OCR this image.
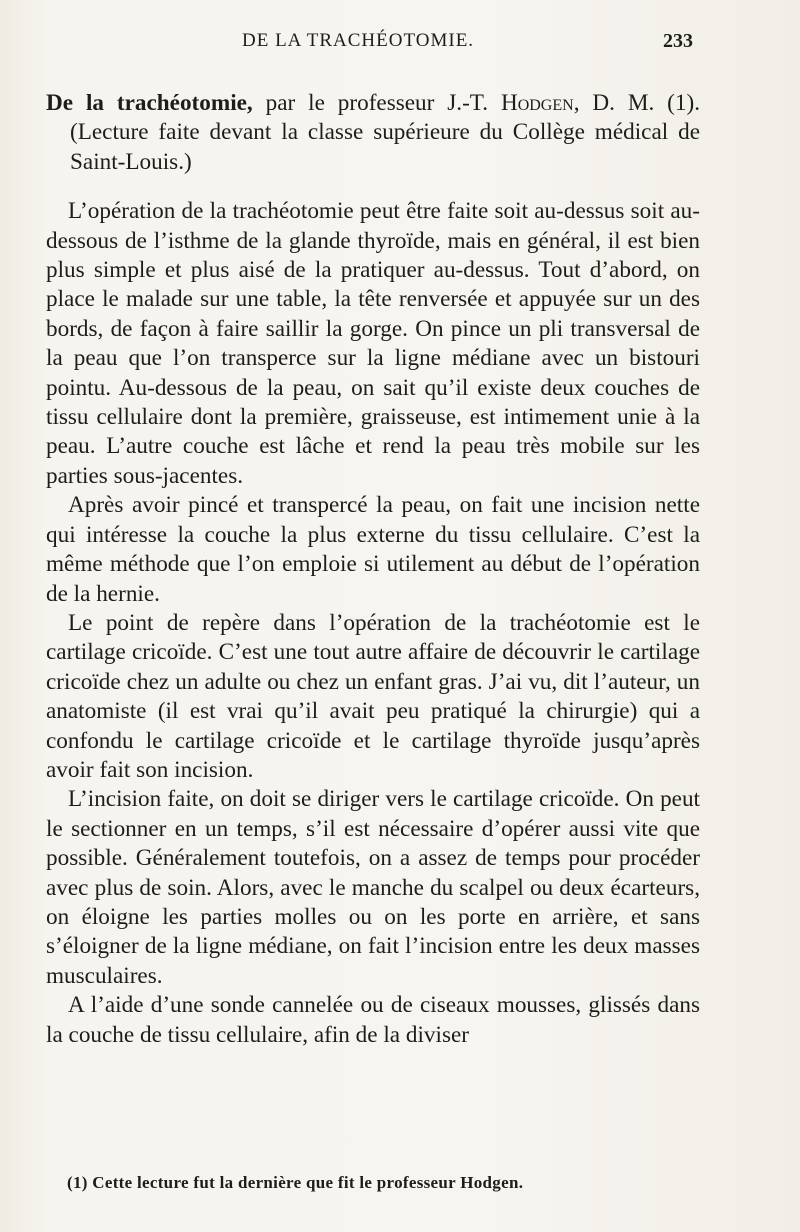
DE LA TRACHÉOTOMIE.	233

De la trachéotomie, par le professeur J.-T. Hodgen, D. M. (1). (Lecture faite devant la classe supérieure du Collège médical de Saint-Louis.)

L’opération de la trachéotomie peut être faite soit au-dessus soit au-dessous de l’isthme de la glande thyroïde, mais en général, il est bien plus simple et plus aisé de la pratiquer au-dessus. Tout d’abord, on place le malade sur une table, la tête renversée et appuyée sur un des bords, de façon à faire saillir la gorge. On pince un pli transversal de la peau que l’on transperce sur la ligne médiane avec un bistouri pointu. Au-dessous de la peau, on sait qu’il existe deux couches de tissu cellulaire dont la première, graisseuse, est intimement unie à la peau. L’autre couche est lâche et rend la peau très mobile sur les parties sous-jacentes.

Après avoir pincé et transpercé la peau, on fait une incision nette qui intéresse la couche la plus externe du tissu cellulaire. C’est la même méthode que l’on emploie si utilement au début de l’opération de la hernie.

Le point de repère dans l’opération de la trachéotomie est le cartilage cricoïde. C’est une tout autre affaire de découvrir le cartilage cricoïde chez un adulte ou chez un enfant gras. J’ai vu, dit l’auteur, un anatomiste (il est vrai qu’il avait peu pratiqué la chirurgie) qui a confondu le cartilage cricoïde et le cartilage thyroïde jusqu’après avoir fait son incision.

L’incision faite, on doit se diriger vers le cartilage cricoïde. On peut le sectionner en un temps, s’il est nécessaire d’opérer aussi vite que possible. Généralement toutefois, on a assez de temps pour procéder avec plus de soin. Alors, avec le manche du scalpel ou deux écarteurs, on éloigne les parties molles ou on les porte en arrière, et sans s’éloigner de la ligne médiane, on fait l’incision entre les deux masses musculaires.

A l’aide d’une sonde cannelée ou de ciseaux mousses, glissés dans la couche de tissu cellulaire, afin de la diviser

(1) Cette lecture fut la dernière que fit le professeur Hodgen.
